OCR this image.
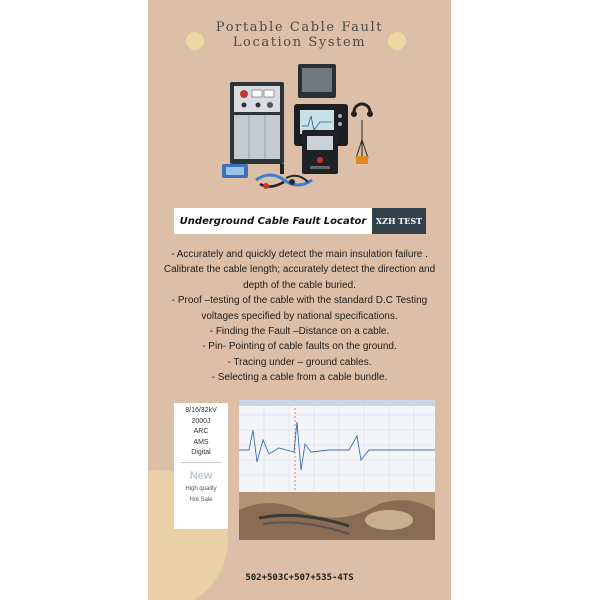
Portable Cable Fault
Location System
Underground Cable Fault Locator	XZH TEST
- Accurately and quickly detect the main insulation failure .
Calibrate the cable length; accurately detect the direction and
depth of the cable buried.
- Proof –testing of the cable with the standard D.C Testing
voltages specified by national specifications.
- Finding the Fault –Distance on a cable.
- Pin- Pointing of cable faults on the ground.
- Tracing under – ground cables.
- Selecting a cable from a cable bundle.
8/16/32kV
2000J
ARC
AMS
Digital
New
High quality
Hot Sale
502+503C+507+535-4TS
